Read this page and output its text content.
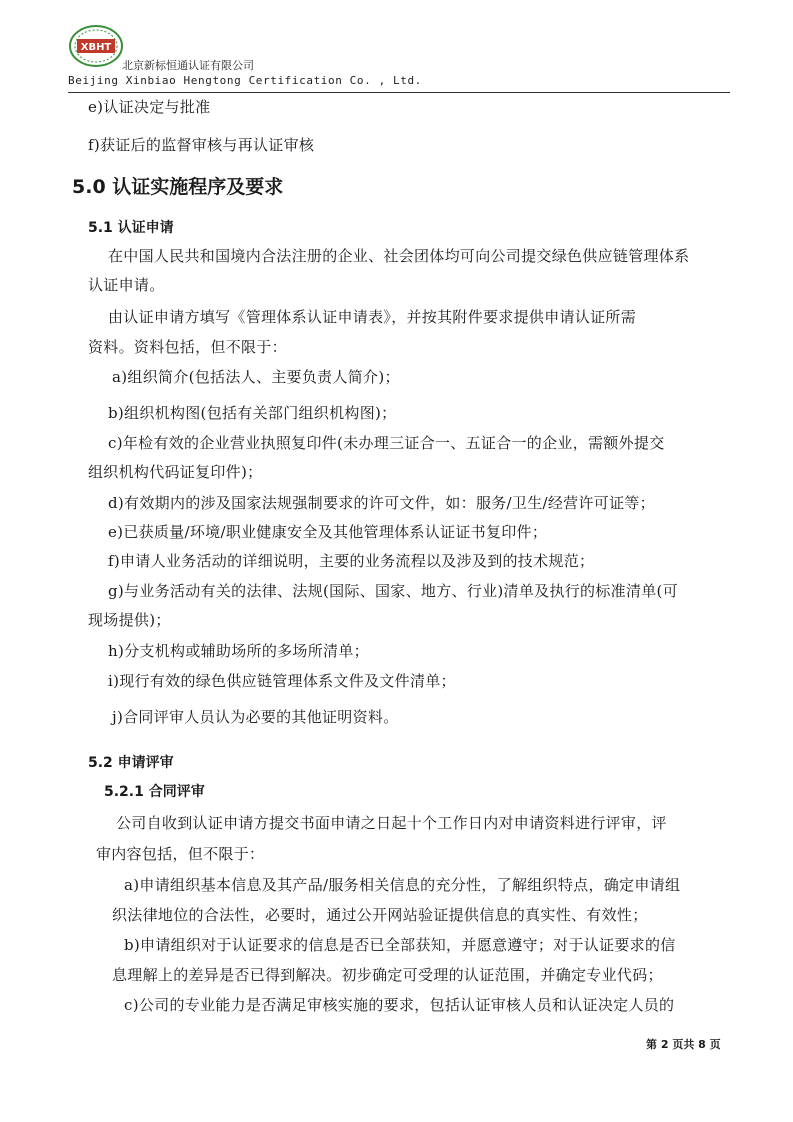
XBHT
北京新标恒通认证有限公司
Beijing Xinbiao Hengtong Certification Co. , Ltd.
e)认证决定与批准
f)获证后的监督审核与再认证审核
5.0 认证实施程序及要求
5.1 认证申请
在中国人民共和国境内合法注册的企业、社会团体均可向公司提交绿色供应链管理体系
认证申请。
由认证申请方填写《管理体系认证申请表》，并按其附件要求提供申请认证所需
资料。资料包括，但不限于：
a)组织简介(包括法人、主要负责人简介)；
b)组织机构图(包括有关部门组织机构图)；
c)年检有效的企业营业执照复印件(未办理三证合一、五证合一的企业，需额外提交
组织机构代码证复印件)；
d)有效期内的涉及国家法规强制要求的许可文件，如：服务/卫生/经营许可证等；
e)已获质量/环境/职业健康安全及其他管理体系认证证书复印件；
f)申请人业务活动的详细说明，主要的业务流程以及涉及到的技术规范；
g)与业务活动有关的法律、法规(国际、国家、地方、行业)清单及执行的标准清单(可
现场提供)；
h)分支机构或辅助场所的多场所清单；
i)现行有效的绿色供应链管理体系文件及文件清单；
j)合同评审人员认为必要的其他证明资料。
5.2 申请评审
5.2.1 合同评审
公司自收到认证申请方提交书面申请之日起十个工作日内对申请资料进行评审，评
审内容包括，但不限于：
a)申请组织基本信息及其产品/服务相关信息的充分性，了解组织特点，确定申请组
织法律地位的合法性，必要时，通过公开网站验证提供信息的真实性、有效性；
b)申请组织对于认证要求的信息是否已全部获知，并愿意遵守；对于认证要求的信
息理解上的差异是否已得到解决。初步确定可受理的认证范围，并确定专业代码；
c)公司的专业能力是否满足审核实施的要求，包括认证审核人员和认证决定人员的
第 2 页共 8 页
